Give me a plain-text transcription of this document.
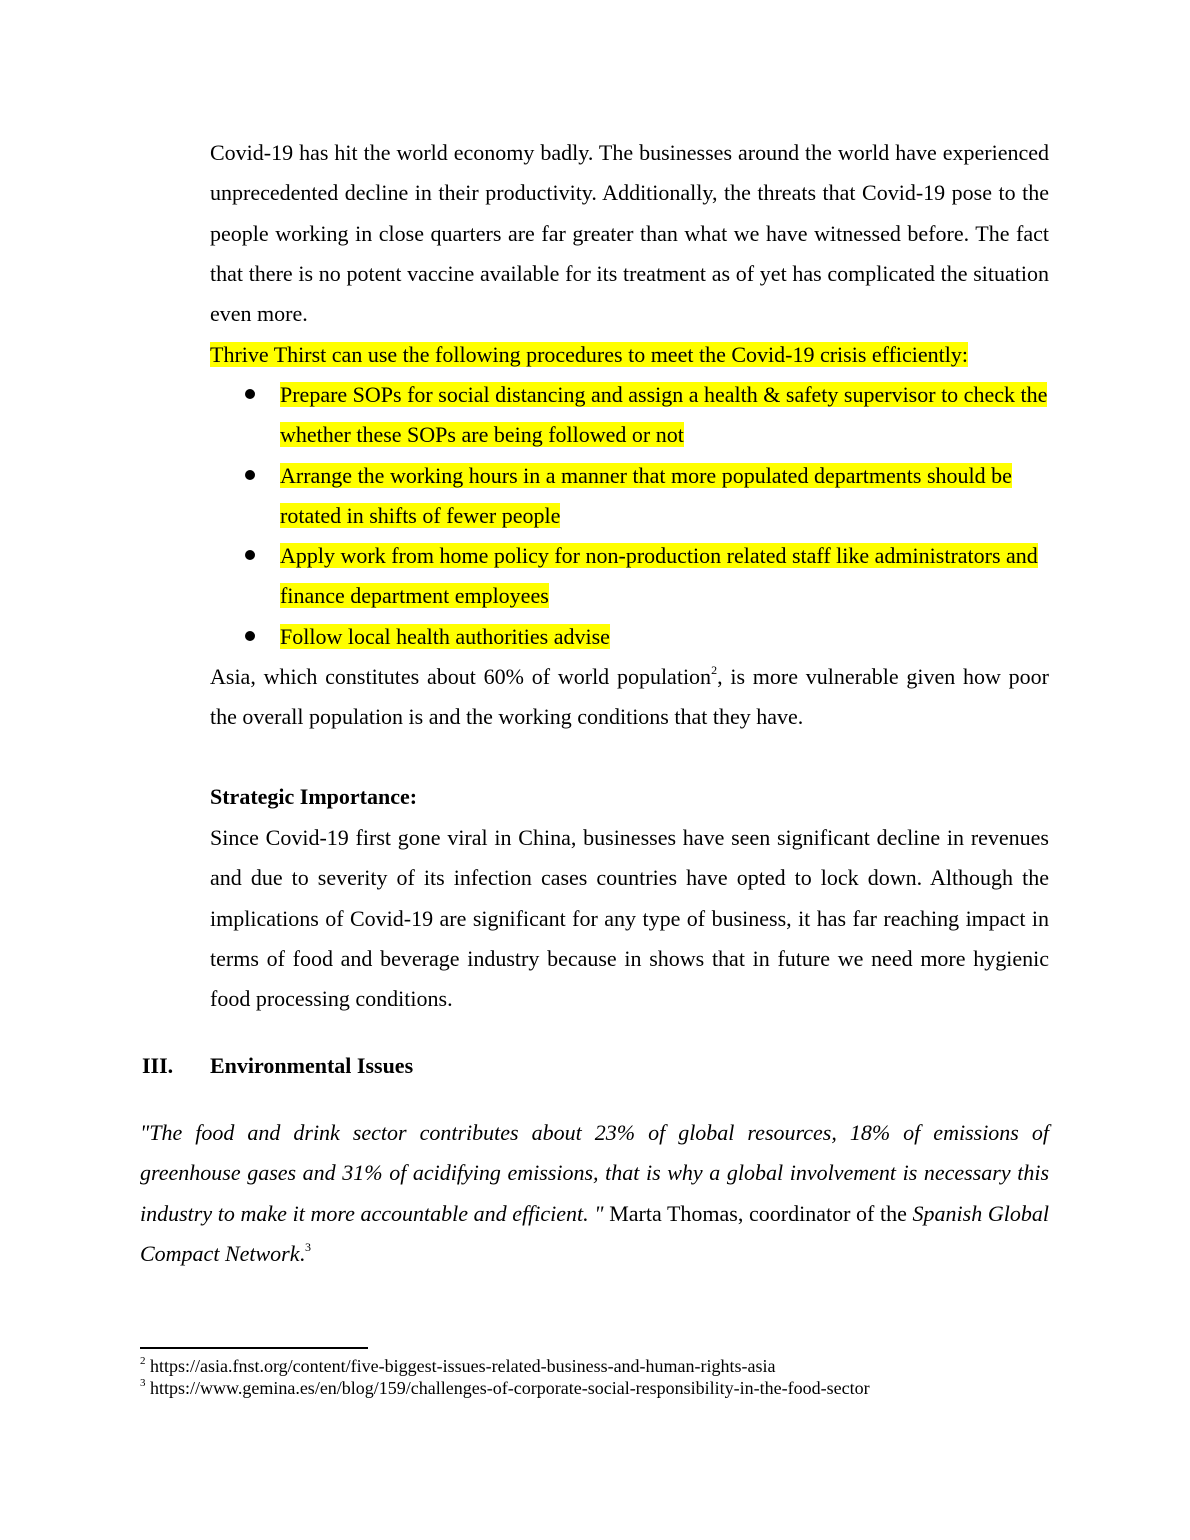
Covid-19 has hit the world economy badly. The businesses around the world have experienced unprecedented decline in their productivity. Additionally, the threats that Covid-19 pose to the people working in close quarters are far greater than what we have witnessed before. The fact that there is no potent vaccine available for its treatment as of yet has complicated the situation even more.

Thrive Thirst can use the following procedures to meet the Covid-19 crisis efficiently:

Prepare SOPs for social distancing and assign a health & safety supervisor to check the whether these SOPs are being followed or not
Arrange the working hours in a manner that more populated departments should be rotated in shifts of fewer people
Apply work from home policy for non-production related staff like administrators and finance department employees
Follow local health authorities advise

Asia, which constitutes about 60% of world population$^2$, is more vulnerable given how poor the overall population is and the working conditions that they have.

Strategic Importance:

Since Covid-19 first gone viral in China, businesses have seen significant decline in revenues and due to severity of its infection cases countries have opted to lock down. Although the implications of Covid-19 are significant for any type of business, it has far reaching impact in terms of food and beverage industry because in shows that in future we need more hygienic food processing conditions.

III. Environmental Issues

"The food and drink sector contributes about 23% of global resources, 18% of emissions of greenhouse gases and 31% of acidifying emissions, that is why a global involvement is necessary this industry to make it more accountable and efficient. " Marta Thomas, coordinator of the Spanish Global Compact Network.$^3$

$^2$ https://asia.fnst.org/content/five-biggest-issues-related-business-and-human-rights-asia
$^3$ https://www.gemina.es/en/blog/159/challenges-of-corporate-social-responsibility-in-the-food-sector
